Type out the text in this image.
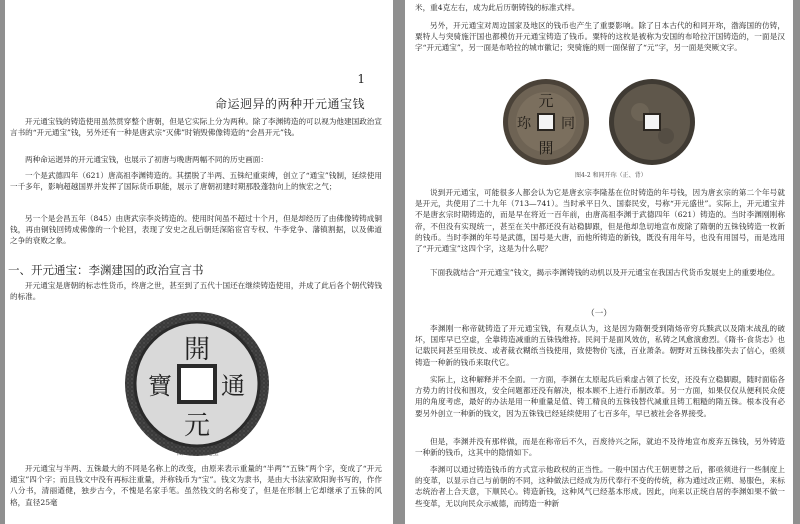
1
命运迥异的两种开元通宝钱

开元通宝钱的铸造使用虽然贯穿整个唐朝，但是它实际上分为两种。除了李渊铸造的可以视为他建国政治宣言书的“开元通宝”钱，另外还有一种是唐武宗“灭佛”时销毁佛像铸造的“会昌开元”钱。

两种命运迥异的开元通宝钱，也展示了初唐与晚唐两幅不同的历史画面：

一个是武德四年（621）唐高祖李渊铸造的。其摆脱了半两、五铢纪重束缚，创立了“通宝”钱制，延续使用一千多年，影响超越国界并发挥了国际货币职能，展示了唐朝初建时期那股蓬勃向上的恢宏之气；

另一个是会昌五年（845）由唐武宗李炎铸造的。使用时间虽不超过十个月，但是却经历了由佛像铸铸成铜钱，再由铜钱回铸成佛像的一个轮回，表现了安史之乱后朝廷深陷宦官专权、牛李党争、藩镇割据，以及佛道之争的衰败之象。

一、开元通宝：李渊建国的政治宣言书

开元通宝是唐朝的标志性货币，终唐之世，甚至到了五代十国还在继续铸造使用，并成了此后各个朝代铸钱的标准。

開
元
通
寶
图4-1 开元通宝

开元通宝与半两、五铢最大的不同是名称上的改变，由原来表示重量的“半两”“五铢”两个字，变成了“开元通宝”四个字；而且钱文中没有再标注重量，并称钱币为“宝”。钱文为隶书，是由大书法家欧阳询书写的，作作八分书，清丽遒健，独步古今，不愧是名家手笔。虽然钱文的名称变了，但是在形制上它却继承了五铢的风格，直径25毫

米，重4克左右，成为此后历朝铸钱的标准式样。

另外，开元通宝对周边国家及地区的钱币也产生了重要影响。除了日本古代的和同开珎，渤海国的仿铸，粟特人与突骑施汗国也都模仿开元通宝铸造了钱币。粟特的这枚是被称为安国的布哈拉汗国铸造的，一面是汉字“开元通宝”，另一面是布哈拉的城市徽记；突骑施的则一面保留了“元”字，另一面是突厥文字。

元
同
開
珎
图4-2 和同开珎（正、背）

说到开元通宝，可能很多人都会认为它是唐玄宗李隆基在位时铸造的年号钱，因为唐玄宗的第二个年号就是开元，共使用了二十九年（713—741）。当时承平日久、国泰民安，号称“开元盛世”。实际上，开元通宝并不是唐玄宗时期铸造的，而是早在将近一百年前，由唐高祖李渊于武德四年（621）铸造的。当时李渊刚刚称帝，不但没有实现统一，甚至在关中都还没有站稳脚跟，但是他却急切地宣布废除了隋朝的五铢钱铸造一枚新的钱币。当时李渊的年号是武德，国号是大唐，而他所铸造的新钱，既没有用年号，也没有用国号，而是选用了“开元通宝”这四个字，这是为什么呢？

下面我就结合“开元通宝”钱文，揭示李渊铸钱的动机以及开元通宝在我国古代货币发展史上的重要地位。

（一）

李渊刚一称帝就铸造了开元通宝钱，有观点认为，这是因为隋朝受到隋炀帝穷兵黩武以及隋末战乱的破坏，国库早已空虚，全靠铸造减重的五铢钱维持。民间于是面风效仿，私铸之风愈演愈烈。《隋书·食货志》也记载民间甚至用铁皮、或者裁衣糊纸当钱使用，致使物价飞涨，百业萧条。朝野对五铢钱都失去了信心，亟须铸造一种新的钱币来取代它。

实际上，这种解释并不全面。一方面，李渊在太原起兵后乘虚占领了长安，还没有立稳脚跟，随时面临各方势力的讨伐和围攻，安全问题都还没有解决，根本顾不上进行币制改革。另一方面，如果仅仅从便利民众使用的角度考虑，最好的办法是用一种重量足值、铸工精良的五铢钱替代减重且铸工粗糙的隋五铢。根本没有必要另外创立一种新的钱文，因为五铢钱已经延续使用了七百多年，早已被社会各界接受。

但是，李渊并没有那样做，而是在称帝后不久，百废待兴之际，就迫不及待地宣布废弃五铢钱，另外铸造一种新的钱币，这其中的隐情如下。

李渊可以通过铸造钱币的方式宣示他政权的正当性。一般中国古代王朝更替之后，都亟须进行一些制度上的变革，以显示自己与前朝的不同，这种做法已经成为历代奉行不变的传统，称为通过改正朔、易服色，来标志统治者上合天意，下顺民心。铸造新钱，这种风气已经基本形成。因此，向来以正统自居的李渊如果不做一些变革，无以向民众示威德，而铸造一种新
